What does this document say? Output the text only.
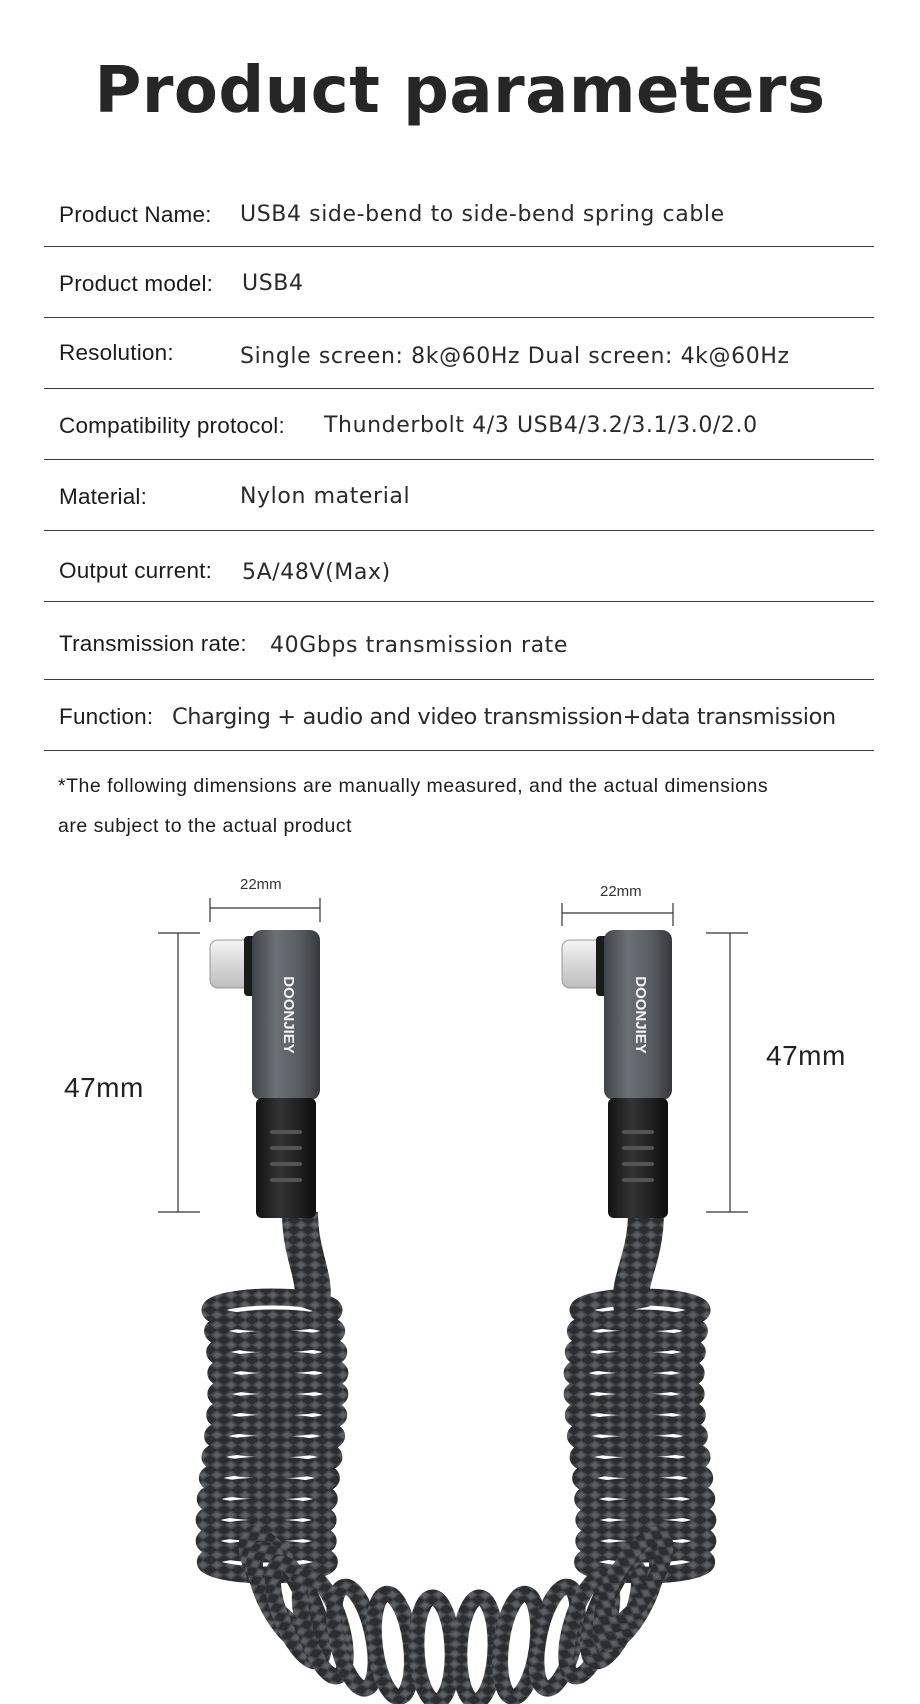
Product parameters
Product Name: USB4 side-bend to side-bend spring cable
Product model: USB4
Resolution:	Single screen: 8k@60Hz Dual screen: 4k@60Hz
Compatibility protocol: Thunderbolt 4/3 USB4/3.2/3.1/3.0/2.0
Material:	Nylon material
Output current: 5A/48V(Max)
Transmission rate: 40Gbps transmission rate
Function: Charging + audio and video transmission+data transmission
*The following dimensions are manually measured, and the actual dimensions
are subject to the actual product
22mm	22mm
47mm
47mm
DOONJIEY	DOONJIEY
